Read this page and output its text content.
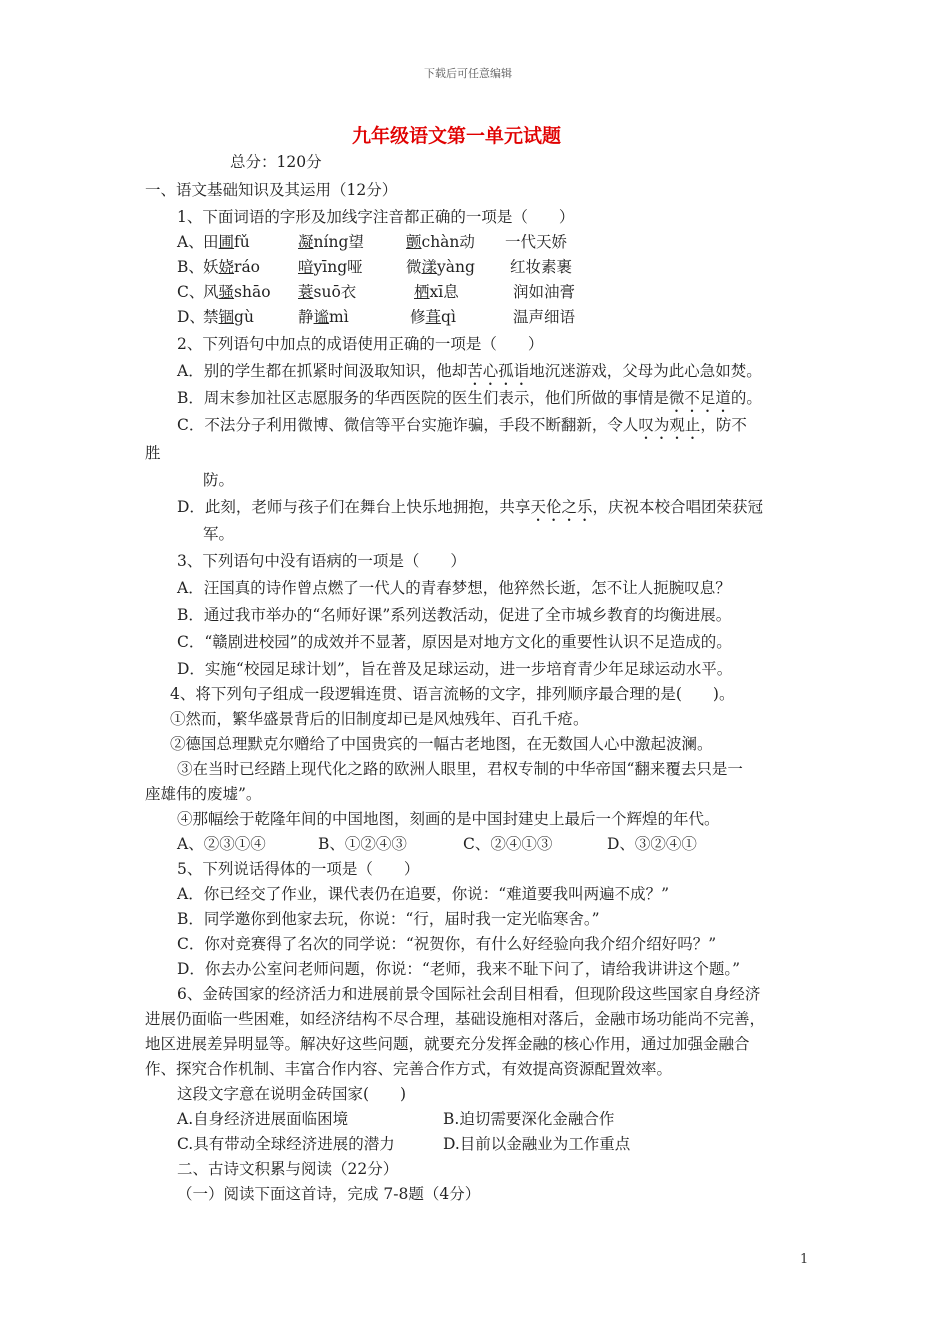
下载后可任意编辑
九年级语文第一单元试题
总分：120分
一、语文基础知识及其运用（12分）
1、下面词语的字形及加线字注音都正确的一项是（　　）
A、 田圃fǔ	凝níng望	颤chàn动 一代天娇
B、 妖娆ráo 喑yīng哑	微漾yàng 红妆素裹
C、
风骚shāo 蓑suō衣	栖xī息	润如油膏
D、
禁锢gù	静谧mì	修葺qì	温声细语
2、下列语句中加点的成语使用正确的一项是（　　）
A．别的学生都在抓紧时间汲取知识，他却苦心孤诣地沉迷游戏，父母为此心急如焚。
B．周末参加社区志愿服务的华西医院的医生们表示，他们所做的事情是微不足道的。
C．不法分子利用微博、微信等平台实施诈骗，手段不断翻新，令人叹为观止，防不
胜
防。
D．此刻，老师与孩子们在舞台上快乐地拥抱，共享天伦之乐，庆祝本校合唱团荣获冠
军。
3、下列语句中没有语病的一项是（　　）
A．汪国真的诗作曾点燃了一代人的青春梦想，他猝然长逝，怎不让人扼腕叹息？
B．通过我市举办的“名师好课”系列送教活动，促进了全市城乡教育的均衡进展。
C．“赣剧进校园”的成效并不显著，原因是对地方文化的重要性认识不足造成的。
D．实施“校园足球计划”，旨在普及足球运动，进一步培育青少年足球运动水平。
4、将下列句子组成一段逻辑连贯、语言流畅的文字，排列顺序最合理的是(　　)。
①然而，繁华盛景背后的旧制度却已是风烛残年、百孔千疮。
②德国总理默克尔赠给了中国贵宾的一幅古老地图，在无数国人心中激起波澜。
③在当时已经踏上现代化之路的欧洲人眼里，君权专制的中华帝国“翻来覆去只是一
座雄伟的废墟”。
④那幅绘于乾隆年间的中国地图，刻画的是中国封建史上最后一个辉煌的年代。
A、②③①④	B、①②④③	C、②④①③	D、③②④①
5、下列说话得体的一项是（　　）
A．你已经交了作业，课代表仍在追要，你说：“难道要我叫两遍不成？”
B．同学邀你到他家去玩，你说：“行，届时我一定光临寒舍。”
C．你对竞赛得了名次的同学说：“祝贺你，有什么好经验向我介绍介绍好吗？”
D．你去办公室问老师问题，你说：“老师，我来不耻下问了，请给我讲讲这个题。”
6、金砖国家的经济活力和进展前景令国际社会刮目相看，但现阶段这些国家自身经济
进展仍面临一些困难，如经济结构不尽合理，基础设施相对落后，金融市场功能尚不完善，
地区进展差异明显等。解决好这些问题，就要充分发挥金融的核心作用，通过加强金融合
作、探究合作机制、丰富合作内容、完善合作方式，有效提高资源配置效率。
这段文字意在说明金砖国家(　　)
A.自身经济进展面临困境	B.迫切需要深化金融合作
C.具有带动全球经济进展的潜力	D.目前以金融业为工作重点
二、古诗文积累与阅读（22分）
（一）阅读下面这首诗，完成 7-8题（4分）
1
